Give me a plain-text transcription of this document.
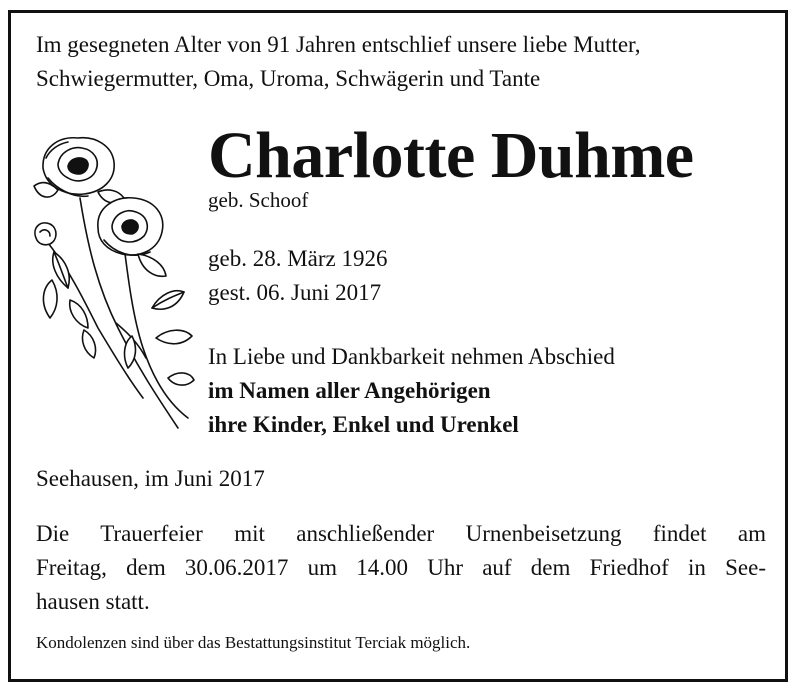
Im gesegneten Alter von 91 Jahren entschlief unsere liebe Mutter,
Schwiegermutter, Oma, Uroma, Schwägerin und Tante
Charlotte Duhme

geb. Schoof

geb. 28. März 1926
gest. 06. Juni 2017
In Liebe und Dankbarkeit nehmen Abschied
im Namen aller Angehörigen
ihre Kinder, Enkel und Urenkel

Seehausen, im Juni 2017

Die Trauerfeier mit anschließender Urnenbeisetzung findet am
Freitag, dem 30.06.2017 um 14.00 Uhr auf dem Friedhof in See-
hausen statt.

Kondolenzen sind über das Bestattungsinstitut Terciak möglich.
